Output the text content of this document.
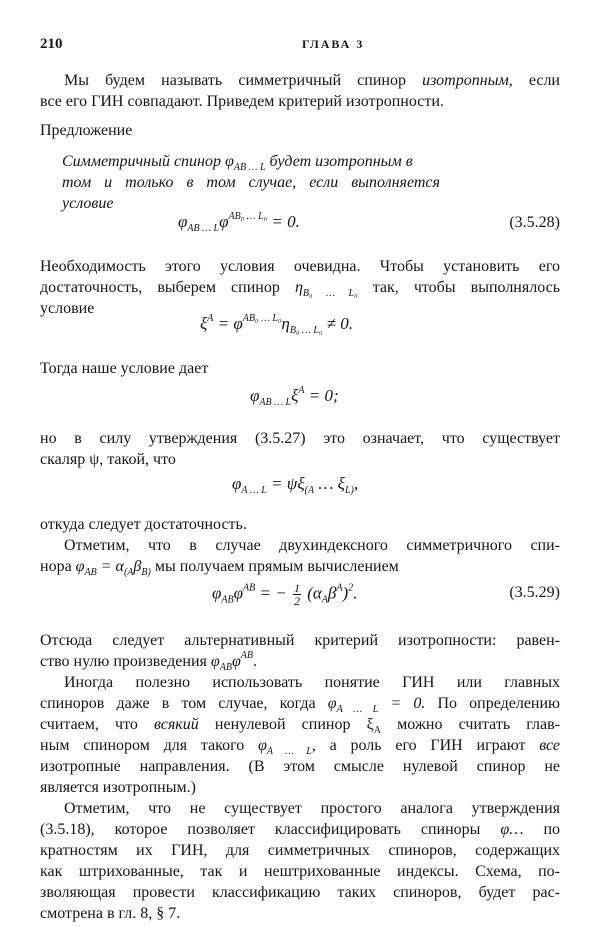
210	ГЛАВА 3
Мы будем называть симметричный спинор изотропным, если
все его ГИН совпадают. Приведем критерий изотропности.
Предложение
Симметричный спинор $\varphi_{AB \dots L}$ будет изотропным в
том и только в том случае, если выполняется
условие
$\varphi_{AB \dots L}\varphi^{AB_0 \dots L_0} = 0$.	(3.5.28)
Необходимость этого условия очевидна. Чтобы установить его
достаточность, выберем спинор $\eta_{B_0 \dots L_0}$ так, чтобы выполнялось
условие
$\xi^A = \varphi^{AB_0 \dots L_0}\eta_{B_0 \dots L_0} \ne 0$.
Тогда наше условие дает
$\varphi_{AB \dots L}\xi^A = 0$;
но в силу утверждения (3.5.27) это означает, что существует
скаляр ψ, такой, что
$\varphi_{A \dots L} = \psi\xi_{(A}$ … $\xi_{L)}$,
откуда следует достаточность.
Отметим, что в случае двухиндексного симметричного спи-
нора $\varphi_{AB} = \alpha_{(A}\beta_{B)}$ мы получаем прямым вычислением
$\varphi_{AB}\varphi^{AB}$ = − $\frac{1}{2} (\alpha_A\beta^A)^2$.	(3.5.29)
Отсюда следует альтернативный критерий изотропности: равен-
ство нулю произведения $\varphi_{AB}\varphi^{AB}$.
Иногда полезно использовать понятие ГИН или главных
спиноров даже в том случае, когда $\varphi_{A \dots L} = 0$. По определению
считаем, что всякий ненулевой спинор $\xi_A$ можно считать глав-
ным спинором для такого $\varphi_{A \dots L}$, а роль его ГИН играют все
изотропные направления. (В этом смысле нулевой спинор не
является изотропным.)
Отметим, что не существует простого аналога утверждения
(3.5.18), которое позволяет классифицировать спиноры φ… по
кратностям их ГИН, для симметричных спиноров, содержащих
как штрихованные, так и нештрихованные индексы. Схема, по-
зволяющая провести классификацию таких спиноров, будет рас-
смотрена в гл. 8, § 7.
